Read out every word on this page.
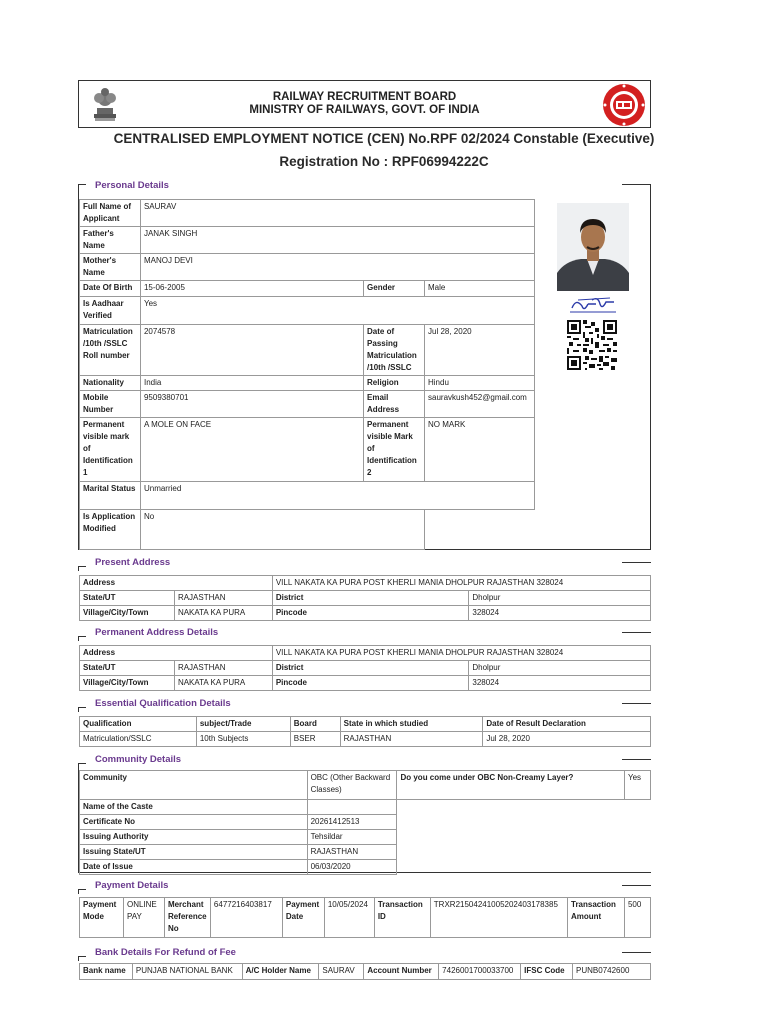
RAILWAY RECRUITMENT BOARD
MINISTRY OF RAILWAYS, GOVT. OF INDIA
CENTRALISED EMPLOYMENT NOTICE (CEN) No.RPF 02/2024 Constable (Executive)
Registration No : RPF06994222C
Personal Details
Full Name of Applicant	SAURAV		
Father's Name	JANAK SINGH		
Mother's Name	MANOJ DEVI		
Date Of Birth	15-06-2005	Gender	Male
Is Aadhaar Verified	Yes		
Matriculation /10th /SSLC Roll number	2074578	Date of Passing Matriculation /10th /SSLC	Jul 28, 2020
Nationality	India	Religion	Hindu
Mobile Number	9509380701	Email Address	sauravkush452@gmail.com
Permanent visible mark of Identification 1	A MOLE ON FACE	Permanent visible Mark of Identification 2	NO MARK
Marital Status	Unmarried		
Is Application Modified	No		
Present Address
Address		VILL NAKATA KA PURA POST KHERLI MANIA DHOLPUR RAJASTHAN 328024	
State/UT	RAJASTHAN	District	Dholpur
Village/City/Town	NAKATA KA PURA	Pincode	328024
Permanent Address Details
Address		VILL NAKATA KA PURA POST KHERLI MANIA DHOLPUR RAJASTHAN 328024	
State/UT	RAJASTHAN	District	Dholpur
Village/City/Town	NAKATA KA PURA	Pincode	328024
Essential Qualification Details
Qualification	subject/Trade	Board	State in which studied	Date of Result Declaration
Matriculation/SSLC	10th Subjects	BSER	RAJASTHAN	Jul 28, 2020
Community Details
Community	OBC (Other Backward Classes)	Do you come under OBC Non-Creamy Layer?	Yes
Name of the Caste			
Certificate No	20261412513		
Issuing Authority	Tehsildar		
Issuing State/UT	RAJASTHAN		
Date of Issue	06/03/2020		
Payment Details
Payment Mode	ONLINE PAY	Merchant Reference No	6477216403817	Payment Date	10/05/2024	Transaction ID	TRXR2150424100520240317838​5	Transaction Amount	500
Bank Details For Refund of Fee
Bank name	PUNJAB NATIONAL BANK	A/C Holder Name	SAURAV	Account Number	7426001700033700	IFSC Code	PUNB0742600
